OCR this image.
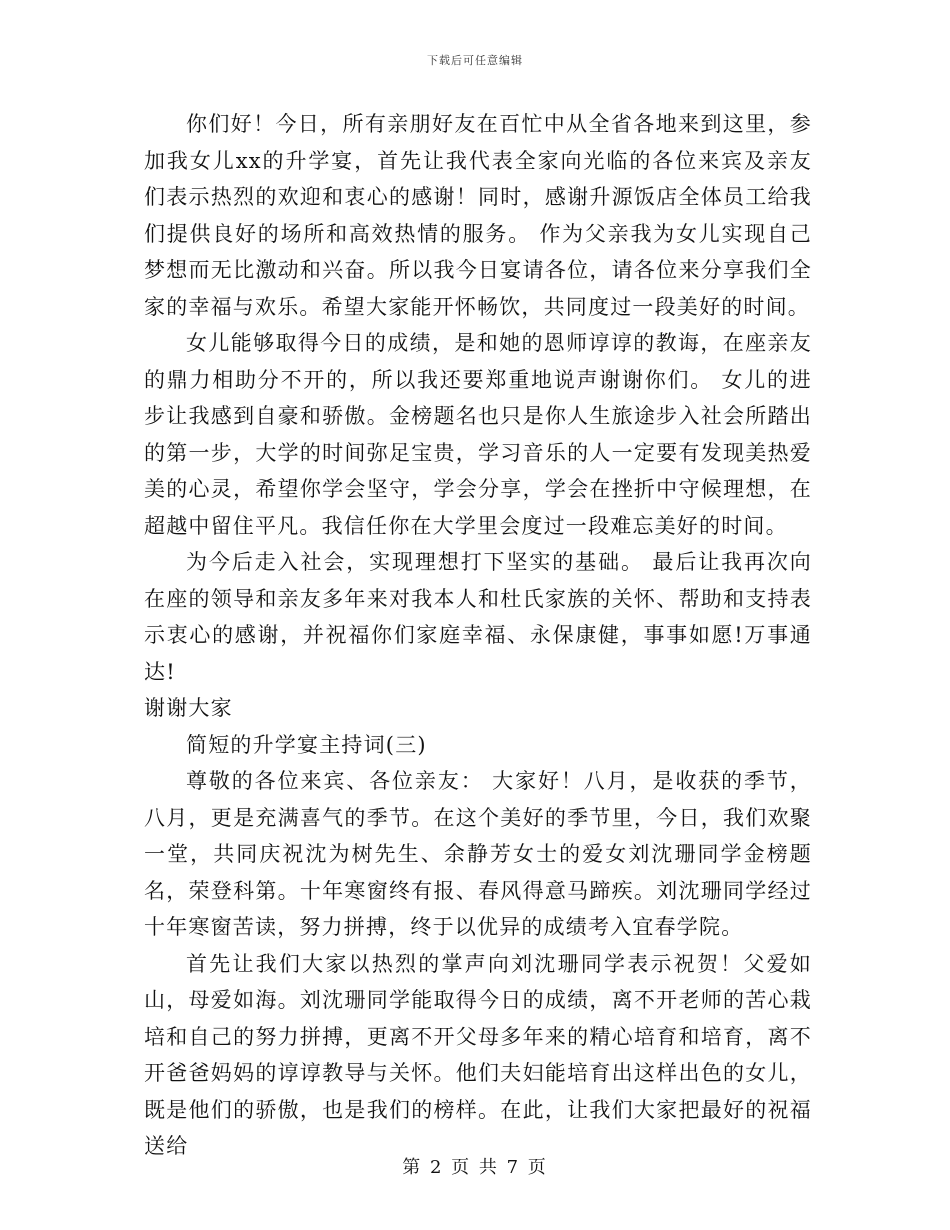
下载后可任意编辑

你们好！今日，所有亲朋好友在百忙中从全省各地来到这里，参加我女儿xx的升学宴，首先让我代表全家向光临的各位来宾及亲友们表示热烈的欢迎和衷心的感谢！同时，感谢升源饭店全体员工给我们提供良好的场所和高效热情的服务。 作为父亲我为女儿实现自己梦想而无比激动和兴奋。所以我今日宴请各位，请各位来分享我们全家的幸福与欢乐。希望大家能开怀畅饮，共同度过一段美好的时间。

女儿能够取得今日的成绩，是和她的恩师谆谆的教诲，在座亲友的鼎力相助分不开的，所以我还要郑重地说声谢谢你们。 女儿的进步让我感到自豪和骄傲。金榜题名也只是你人生旅途步入社会所踏出的第一步，大学的时间弥足宝贵，学习音乐的人一定要有发现美热爱美的心灵，希望你学会坚守，学会分享，学会在挫折中守候理想，在超越中留住平凡。我信任你在大学里会度过一段难忘美好的时间。

为今后走入社会，实现理想打下坚实的基础。 最后让我再次向在座的领导和亲友多年来对我本人和杜氏家族的关怀、帮助和支持表示衷心的感谢，并祝福你们家庭幸福、永保康健，事事如愿!万事通达!

谢谢大家

简短的升学宴主持词(三)

尊敬的各位来宾、各位亲友： 大家好！八月，是收获的季节，八月，更是充满喜气的季节。在这个美好的季节里，今日，我们欢聚一堂，共同庆祝沈为树先生、余静芳女士的爱女刘沈珊同学金榜题名，荣登科第。十年寒窗终有报、春风得意马蹄疾。刘沈珊同学经过十年寒窗苦读，努力拼搏，终于以优异的成绩考入宜春学院。

首先让我们大家以热烈的掌声向刘沈珊同学表示祝贺！父爱如山，母爱如海。刘沈珊同学能取得今日的成绩，离不开老师的苦心栽培和自己的努力拼搏，更离不开父母多年来的精心培育和培育，离不开爸爸妈妈的谆谆教导与关怀。他们夫妇能培育出这样出色的女儿，既是他们的骄傲，也是我们的榜样。在此，让我们大家把最好的祝福送给

第 2 页 共 7 页
